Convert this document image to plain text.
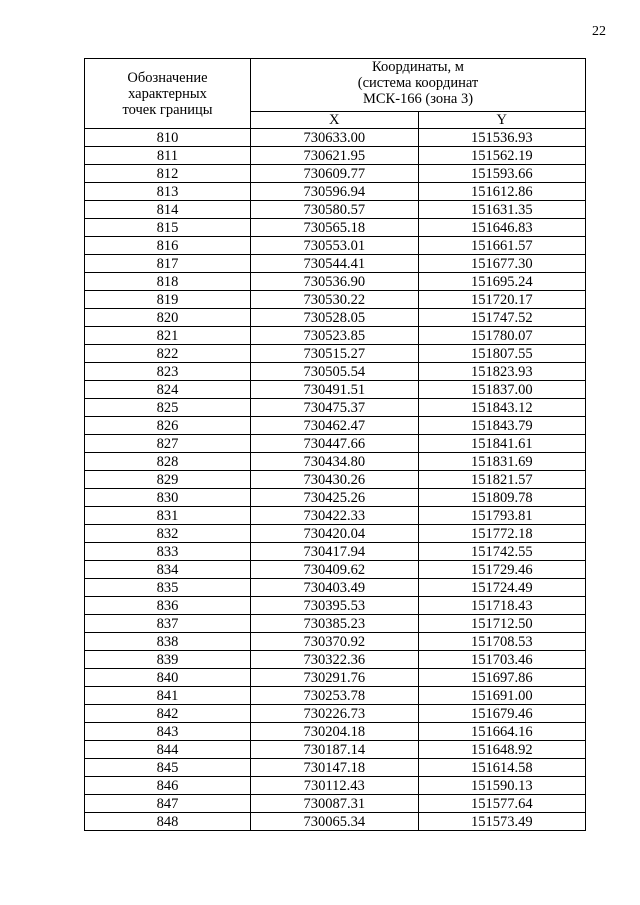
22
Обозначение
характерных
точек границы	Координаты, м
(система координат
МСК-166 (зона 3)	

	X	Y
810	730633.00	151536.93
811	730621.95	151562.19
812	730609.77	151593.66
813	730596.94	151612.86
814	730580.57	151631.35
815	730565.18	151646.83
816	730553.01	151661.57
817	730544.41	151677.30
818	730536.90	151695.24
819	730530.22	151720.17
820	730528.05	151747.52
821	730523.85	151780.07
822	730515.27	151807.55
823	730505.54	151823.93
824	730491.51	151837.00
825	730475.37	151843.12
826	730462.47	151843.79
827	730447.66	151841.61
828	730434.80	151831.69
829	730430.26	151821.57
830	730425.26	151809.78
831	730422.33	151793.81
832	730420.04	151772.18
833	730417.94	151742.55
834	730409.62	151729.46
835	730403.49	151724.49
836	730395.53	151718.43
837	730385.23	151712.50
838	730370.92	151708.53
839	730322.36	151703.46
840	730291.76	151697.86
841	730253.78	151691.00
842	730226.73	151679.46
843	730204.18	151664.16
844	730187.14	151648.92
845	730147.18	151614.58
846	730112.43	151590.13
847	730087.31	151577.64
848	730065.34	151573.49
